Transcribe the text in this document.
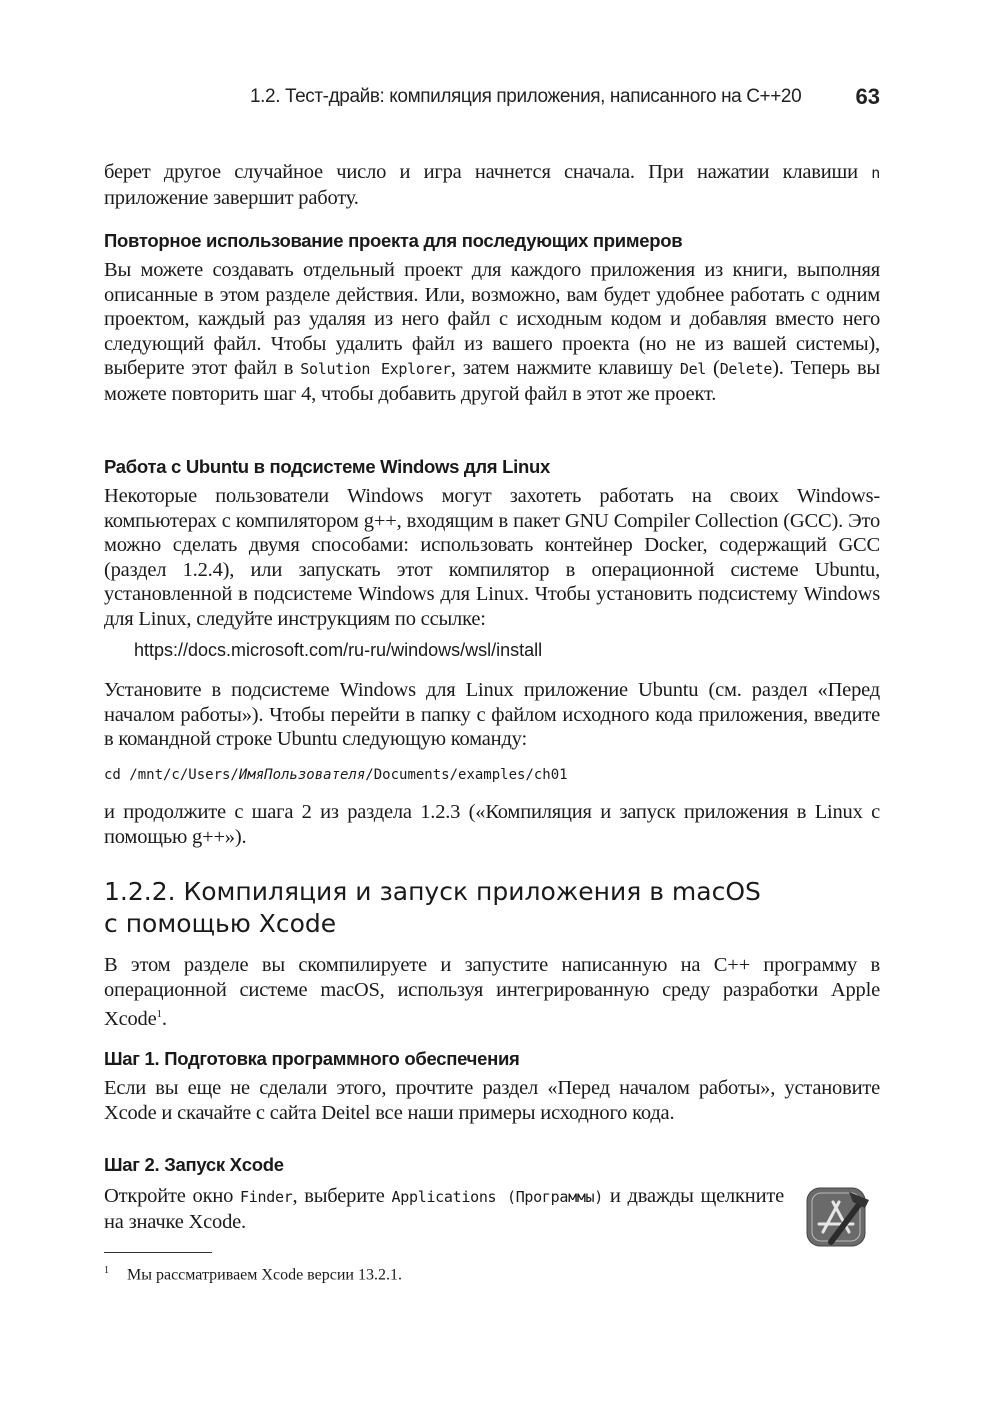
1.2. Тест-драйв: компиляция приложения, написанного на C++20 63

берет другое случайное число и игра начнется сначала. При нажатии клавиши n приложение завершит работу.

Повторное использование проекта для последующих примеров

Вы можете создавать отдельный проект для каждого приложения из книги, выполняя описанные в этом разделе действия. Или, возможно, вам будет удобнее работать с одним проектом, каждый раз удаляя из него файл с исходным кодом и добавляя вместо него следующий файл. Чтобы удалить файл из вашего проекта (но не из вашей системы), выберите этот файл в Solution Explorer, затем нажмите клавишу Del (Delete). Теперь вы можете повторить шаг 4, чтобы добавить другой файл в этот же проект.

Работа с Ubuntu в подсистеме Windows для Linux

Некоторые пользователи Windows могут захотеть работать на своих Windows-компьютерах с компилятором g++, входящим в пакет GNU Compiler Collection (GCC). Это можно сделать двумя способами: использовать контейнер Docker, содержащий GCC (раздел 1.2.4), или запускать этот компилятор в операционной системе Ubuntu, установленной в подсистеме Windows для Linux. Чтобы установить подсистему Windows для Linux, следуйте инструкциям по ссылке:

https://docs.microsoft.com/ru-ru/windows/wsl/install

Установите в подсистеме Windows для Linux приложение Ubuntu (см. раздел «Перед началом работы»). Чтобы перейти в папку с файлом исходного кода приложения, введите в командной строке Ubuntu следующую команду:

cd /mnt/c/Users/ИмяПользователя/Documents/examples/ch01

и продолжите с шага 2 из раздела 1.2.3 («Компиляция и запуск приложения в Linux с помощью g++»).

1.2.2. Компиляция и запуск приложения в macOS
с помощью Xcode

В этом разделе вы скомпилируете и запустите написанную на C++ программу в операционной системе macOS, используя интегрированную среду разработки Apple Xcode$^1$.

Шаг 1. Подготовка программного обеспечения

Если вы еще не сделали этого, прочтите раздел «Перед началом работы», установите Xcode и скачайте с сайта Deitel все наши примеры исходного кода.

Шаг 2. Запуск Xcode

Откройте окно Finder, выберите Applications (Программы) и дважды щелкните на значке Xcode.

$^1$ Мы рассматриваем Xcode версии 13.2.1.
